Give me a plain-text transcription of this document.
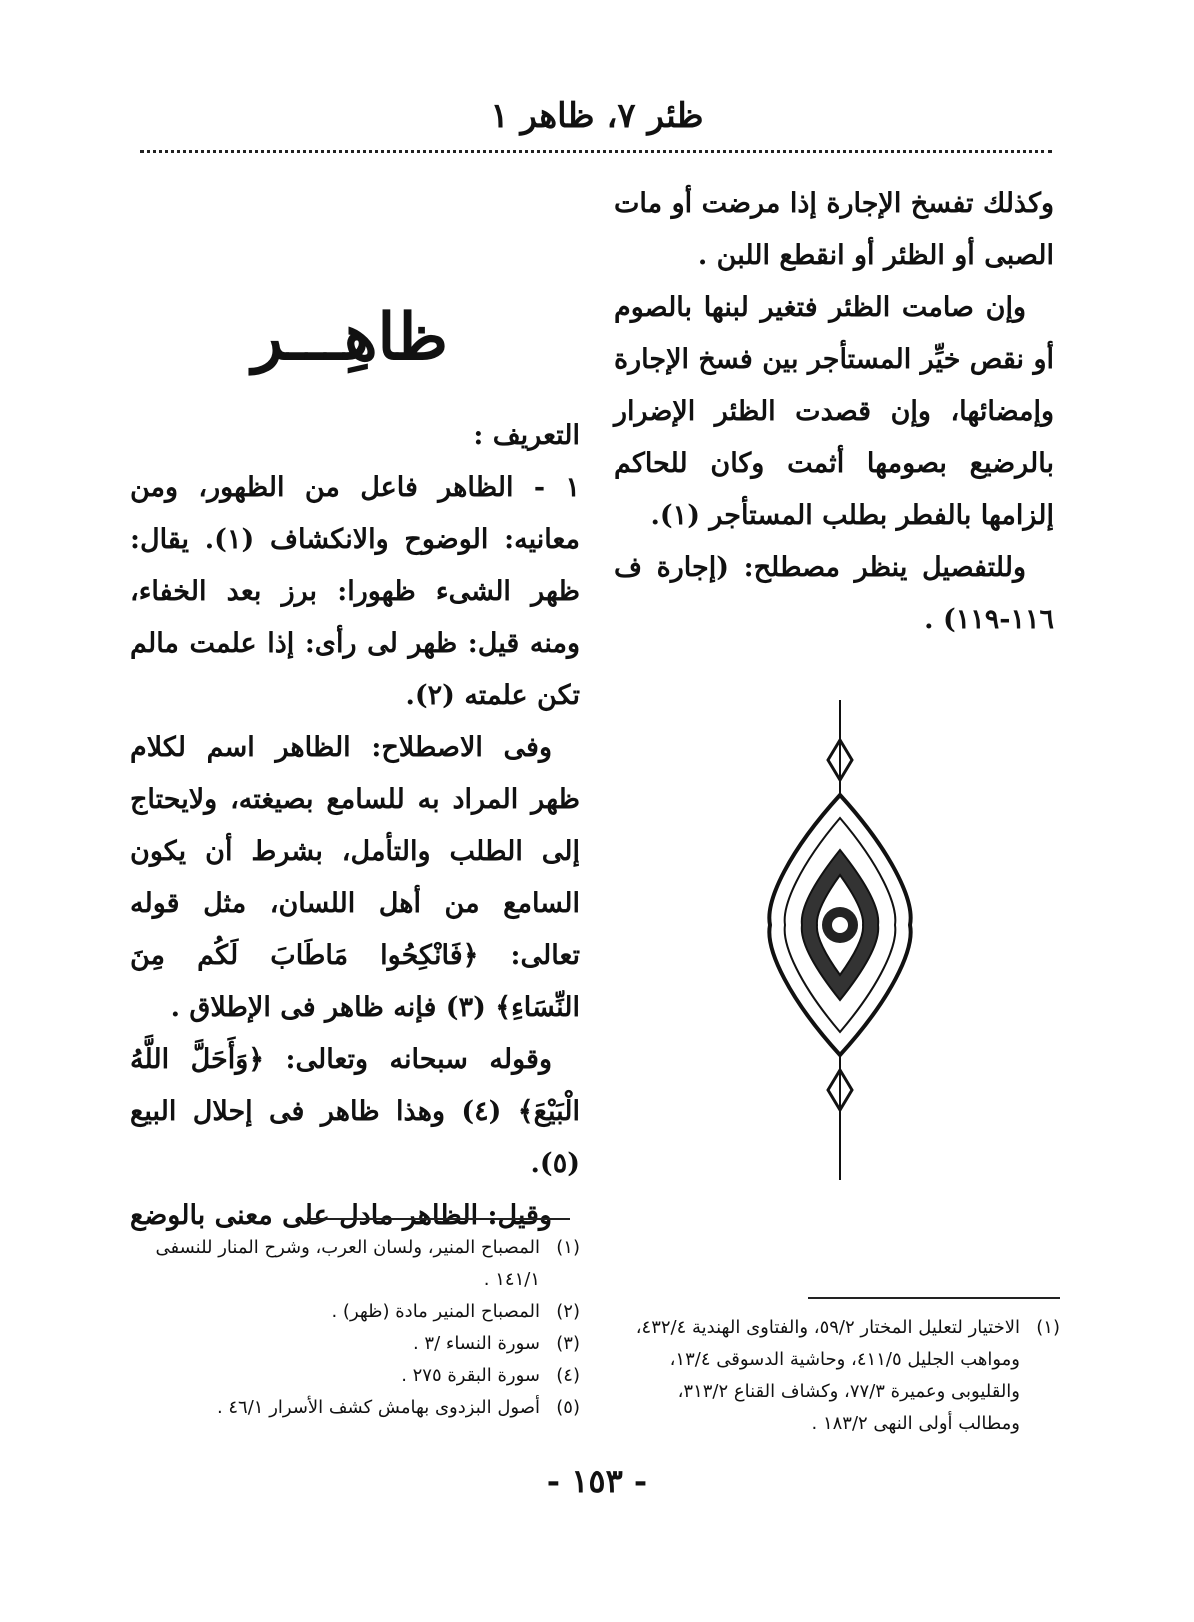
ظئر ٧، ظاهر ١

وكذلك تفسخ الإجارة إذا مرضت أو مات الصبى أو الظئر أو انقطع اللبن .

وإن صامت الظئر فتغير لبنها بالصوم أو نقص خيِّر المستأجر بين فسخ الإجارة وإمضائها، وإن قصدت الظئر الإضرار بالرضيع بصومها أثمت وكان للحاكم إلزامها بالفطر بطلب المستأجر (١).

وللتفصيل ينظر مصطلح: (إجارة ف ١١٦-١١٩) .

ظاهِـــر

التعريف :

١ - الظاهر فاعل من الظهور، ومن معانيه: الوضوح والانكشاف (١). يقال: ظهر الشىء ظهورا: برز بعد الخفاء، ومنه قيل: ظهر لى رأى: إذا علمت مالم تكن علمته (٢).

وفى الاصطلاح: الظاهر اسم لكلام ظهر المراد به للسامع بصيغته، ولايحتاج إلى الطلب والتأمل، بشرط أن يكون السامع من أهل اللسان، مثل قوله تعالى: ﴿فَانْكِحُوا مَاطَابَ لَكُم مِنَ النِّسَاءِ﴾ (٣) فإنه ظاهر فى الإطلاق .

وقوله سبحانه وتعالى: ﴿وَأَحَلَّ اللَّهُ الْبَيْعَ﴾ (٤) وهذا ظاهر فى إحلال البيع (٥).

وقيل: الظاهر مادل على معنى بالوضع

(١)
المصباح المنير، ولسان العرب، وشرح المنار للنسفى ١٤١/١ .
(٢)
المصباح المنير مادة (ظهر) .
(٣)
سورة النساء /٣ .
(٤)
سورة البقرة ٢٧٥ .
(٥)
أصول البزدوى بهامش كشف الأسرار ٤٦/١ .
(١)
الاختيار لتعليل المختار ٥٩/٢، والفتاوى الهندية ٤٣٢/٤، ومواهب الجليل ٤١١/٥، وحاشية الدسوقى ١٣/٤، والقليوبى وعميرة ٧٧/٣، وكشاف القناع ٣١٣/٢، ومطالب أولى النهى ١٨٣/٢ .
- ١٥٣ -
